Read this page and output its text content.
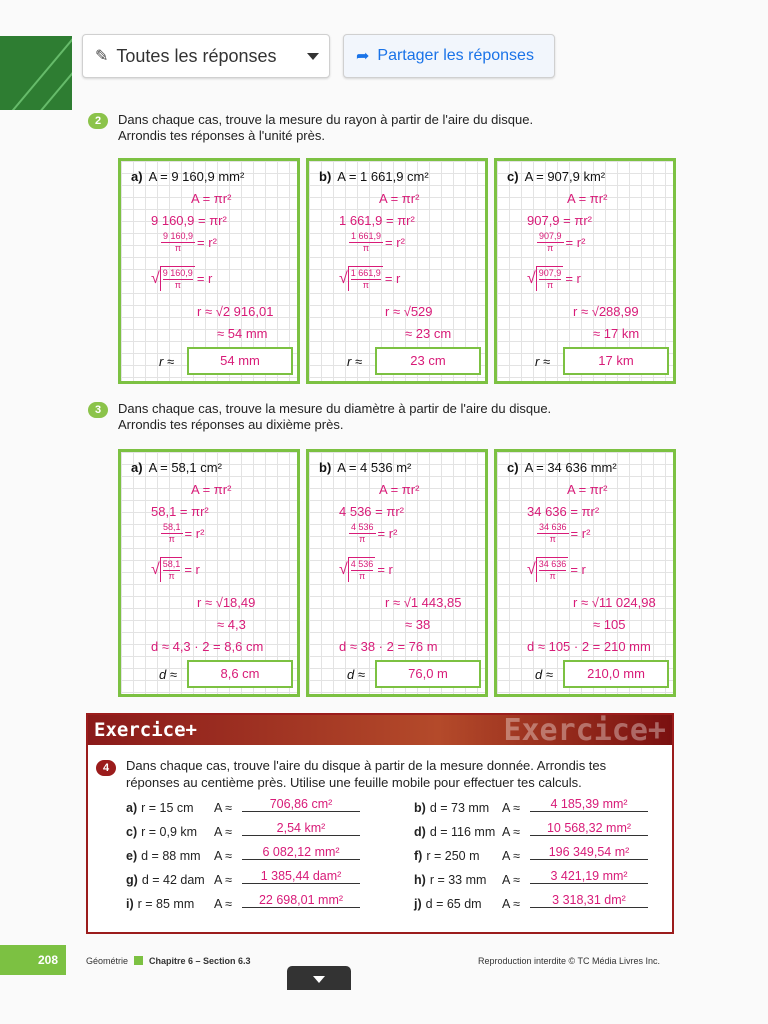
✎ Toutes les réponses	➦ Partager les réponses
2	Dans chaque cas, trouve la mesure du rayon à partir de l'aire du disque.
Arrondis tes réponses à l'unité près.
3	Dans chaque cas, trouve la mesure du diamètre à partir de l'aire du disque.
Arrondis tes réponses au dixième près.
Exercice+	Exercice+
4	Dans chaque cas, trouve l'aire du disque à partir de la mesure donnée. Arrondis tes réponses au centième près. Utilise une feuille mobile pour effectuer tes calculs.
a) r = 15 cm A ≈	706,86 cm²	b) d = 73 mm A ≈	4 185,39 mm²
c) r = 0,9 km A ≈	2,54 km²	d) d = 116 mm A ≈	10 568,32 mm²
e) d = 88 mm A ≈	6 082,12 mm²	f) r = 250 m A ≈	196 349,54 m²
g) d = 42 dam A ≈	1 385,44 dam²	h) r = 33 mm A ≈	3 421,19 mm²
i) r = 85 mm A ≈	22 698,01 mm²	j) d = 65 dm A ≈	3 318,31 dm²
208	Géométrie Chapitre 6 – Section 6.3	Reproduction interdite © TC Média Livres Inc.
a) A = 9 160,9 mm²
A = πr²
9 160,9 = πr²
$\frac{9 160,9}{\pi} = r^2$
√ $\frac{9 160,9}{\pi} = r$
r ≈ √2 916,01
≈ 54 mm
r ≈	54 mm
b) A = 1 661,9 cm²
A = πr²
1 661,9 = πr²
$\frac{1 661,9}{\pi} = r^2$
√ $\frac{1 661,9}{\pi} = r$
r ≈ √529
≈ 23 cm
r ≈	23 cm
c) A = 907,9 km²
A = πr²
907,9 = πr²
$\frac{907,9}{\pi} = r^2$
√ $\frac{907,9}{\pi} = r$
r ≈ √288,99
≈ 17 km
r ≈	17 km
a) A = 58,1 cm²
A = πr²
58,1 = πr²
$\frac{58,1}{\pi} = r^2$
√ $\frac{58,1}{\pi} = r$
r ≈ √18,49
≈ 4,3
d ≈ 4,3 · 2 = 8,6 cm
d ≈	8,6 cm
b) A = 4 536 m²
A = πr²
4 536 = πr²
$\frac{4 536}{\pi} = r^2$
√ $\frac{4 536}{\pi} = r$
r ≈ √1 443,85
≈ 38
d ≈ 38 · 2 = 76 m
d ≈	76,0 m
c) A = 34 636 mm²
A = πr²
34 636 = πr²
$\frac{34 636}{\pi} = r^2$
√ $\frac{34 636}{\pi} = r$
r ≈ √11 024,98
≈ 105
d ≈ 105 · 2 = 210 mm
d ≈	210,0 mm
